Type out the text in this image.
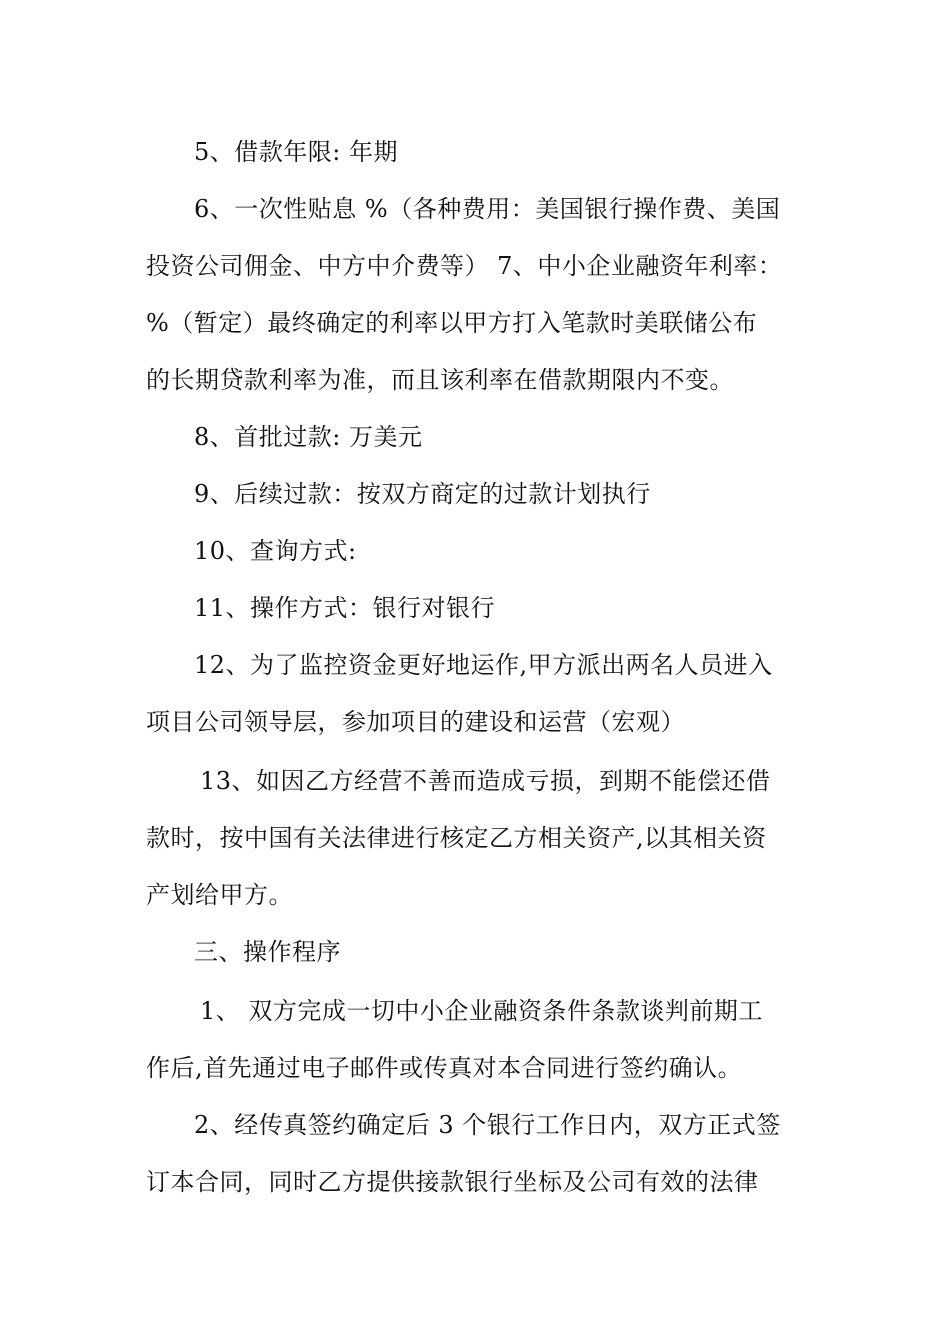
5、借款年限: 年期
6、一次性贴息 %（各种费用：美国银行操作费、美国
投资公司佣金、中方中介费等） 7、中小企业融资年利率：
%（暂定）最终确定的利率以甲方打入笔款时美联储公布
的长期贷款利率为准，而且该利率在借款期限内不变。
8、首批过款: 万美元
9、后续过款：按双方商定的过款计划执行
10、查询方式:
11、操作方式：银行对银行
12、为了监控资金更好地运作,甲方派出两名人员进入
项目公司领导层，参加项目的建设和运营（宏观）
13、如因乙方经营不善而造成亏损，到期不能偿还借
款时，按中国有关法律进行核定乙方相关资产,以其相关资
产划给甲方。
三、操作程序
1、 双方完成一切中小企业融资条件条款谈判前期工
作后,首先通过电子邮件或传真对本合同进行签约确认。
2、经传真签约确定后 3 个银行工作日内，双方正式签
订本合同，同时乙方提供接款银行坐标及公司有效的法律
